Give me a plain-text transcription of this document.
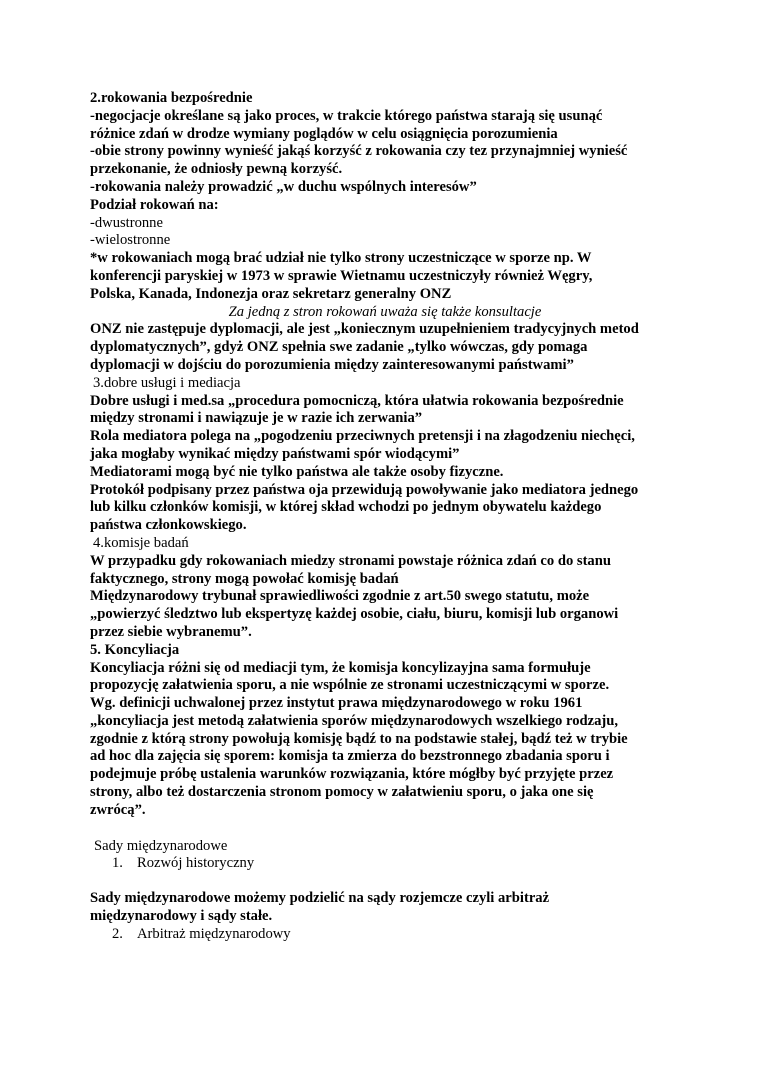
2.rokowania bezpośrednie

-negocjacje określane są jako proces, w trakcie którego państwa starają się usunąć

różnice zdań w drodze wymiany poglądów w celu osiągnięcia porozumienia

-obie strony powinny wynieść jakąś korzyść z rokowania czy tez przynajmniej wynieść

przekonanie, że odniosły pewną korzyść.

-rokowania należy prowadzić „w duchu wspólnych interesów”

Podział rokowań na:

-dwustronne

-wielostronne

*w rokowaniach mogą brać udział nie tylko strony uczestniczące w sporze np. W

konferencji paryskiej w 1973 w sprawie Wietnamu uczestniczyły również Węgry,

Polska, Kanada, Indonezja oraz sekretarz generalny ONZ

Za jedną z stron rokowań uważa się także konsultacje

ONZ nie zastępuje dyplomacji, ale jest „koniecznym uzupełnieniem tradycyjnych metod

dyplomatycznych”, gdyż ONZ spełnia swe zadanie „tylko wówczas, gdy pomaga

dyplomacji w dojściu do porozumienia między zainteresowanymi państwami”

3.dobre usługi i mediacja

Dobre usługi i med.sa „procedura pomocniczą, która ułatwia rokowania bezpośrednie

między stronami i nawiązuje je w razie ich zerwania”

Rola mediatora polega na „pogodzeniu przeciwnych pretensji i na złagodzeniu niechęci,

jaka mogłaby wynikać między państwami spór wiodącymi”

Mediatorami mogą być nie tylko państwa ale także osoby fizyczne.

Protokół podpisany przez państwa oja przewidują powoływanie jako mediatora jednego

lub kilku członków komisji, w której skład wchodzi po jednym obywatelu każdego

państwa członkowskiego.

4.komisje badań

W przypadku gdy rokowaniach miedzy stronami powstaje różnica zdań co do stanu

faktycznego, strony mogą powołać komisję badań

Międzynarodowy trybunał sprawiedliwości zgodnie z art.50 swego statutu, może

„powierzyć śledztwo lub ekspertyzę każdej osobie, ciału, biuru, komisji lub organowi

przez siebie wybranemu”.

5. Koncyliacja

Koncyliacja różni się od mediacji tym, że komisja koncylizayjna sama formułuje

propozycję załatwienia sporu, a nie wspólnie ze stronami uczestniczącymi w sporze.

Wg. definicji uchwalonej przez instytut prawa międzynarodowego w roku 1961

„koncyliacja jest metodą załatwienia sporów międzynarodowych wszelkiego rodzaju,

zgodnie z którą strony powołują komisję bądź to na podstawie stałej, bądź też w trybie

ad hoc dla zajęcia się sporem: komisja ta zmierza do bezstronnego zbadania sporu i

podejmuje próbę ustalenia warunków rozwiązania, które mógłby być przyjęte przez

strony, albo też dostarczenia stronom pomocy w załatwieniu sporu, o jaka one się

zwrócą”.

Sady międzynarodowe

1. Rozwój historyczny

Sady międzynarodowe możemy podzielić na sądy rozjemcze czyli arbitraż

międzynarodowy i sądy stałe.

2. Arbitraż międzynarodowy
